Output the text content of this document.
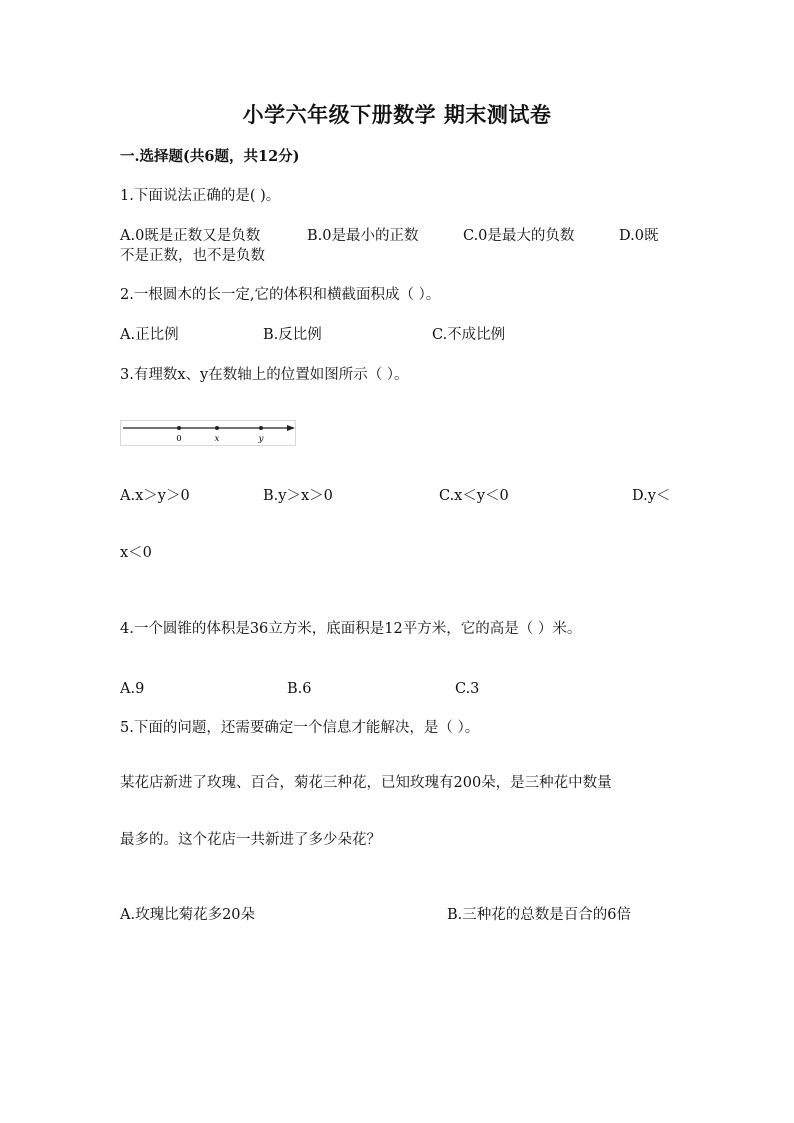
小学六年级下册数学 期末测试卷
一.选择题(共6题，共12分)
1.下面说法正确的是( )。
A.0既是正数又是负数	B.0是最小的正数	C.0是最大的负数	D.0既
不是正数，也不是负数
2.一根圆木的长一定,它的体积和横截面积成（ ）。
A.正比例	B.反比例	C.不成比例
3.有理数x、y在数轴上的位置如图所示（ ）。
0	x	y
A.x＞y＞0	B.y＞x＞0	C.x＜y＜0	D.y＜
x＜0
4.一个圆锥的体积是36立方米，底面积是12平方米，它的高是（ ）米。
A.9	B.6	C.3
5.下面的问题，还需要确定一个信息才能解决，是（ ）。
某花店新进了玫瑰、百合，菊花三种花，已知玫瑰有200朵，是三种花中数量
最多的。这个花店一共新进了多少朵花？
A.玫瑰比菊花多20朵	B.三种花的总数是百合的6倍
